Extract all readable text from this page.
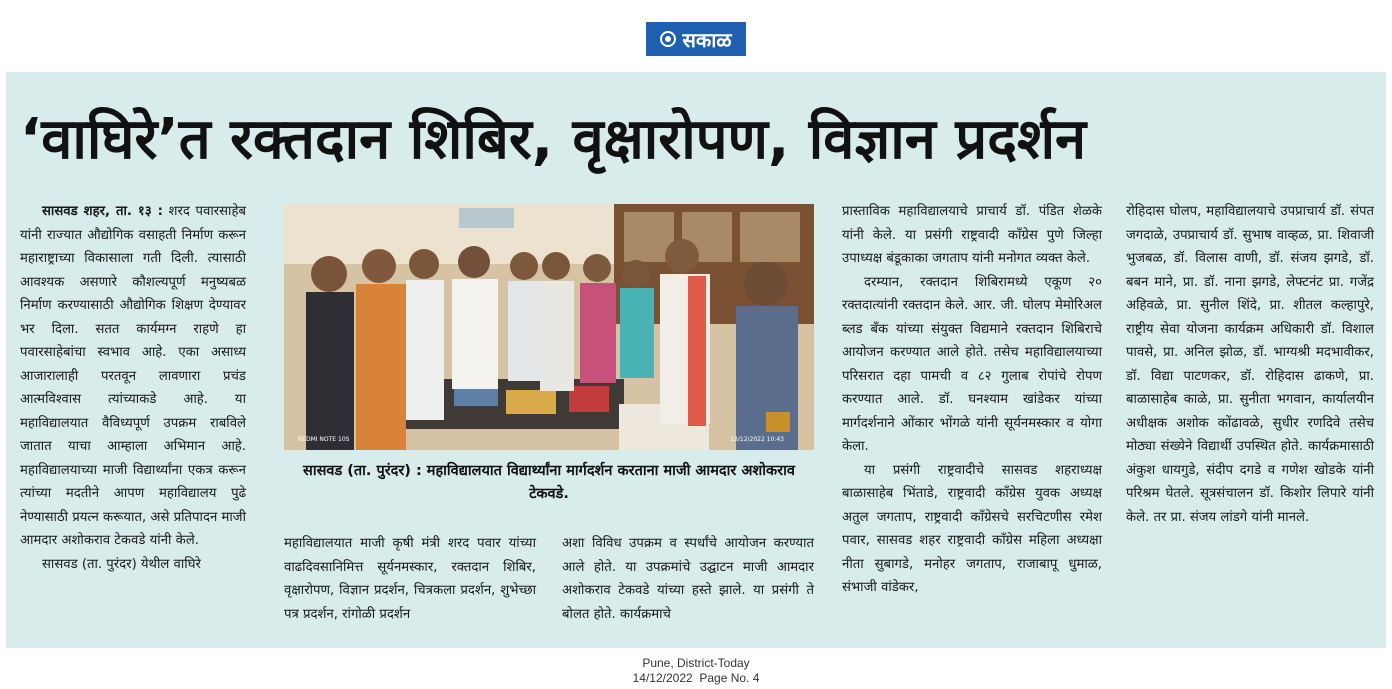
सकाळ
‘वाघिरे’त रक्तदान शिबिर, वृक्षारोपण, विज्ञान प्रदर्शन

सासवड शहर, ता. १३ : शरद पवारसाहेब यांनी राज्यात औद्योगिक वसाहती निर्माण करून महाराष्ट्राच्या विकासाला गती दिली. त्यासाठी आवश्यक असणारे कौशल्यपूर्ण मनुष्यबळ निर्माण करण्यासाठी औद्योगिक शिक्षण देण्यावर भर दिला. सतत कार्यमग्न राहणे हा पवारसाहेबांचा स्वभाव आहे. एका असाध्य आजारालाही परतवून लावणारा प्रचंड आत्मविश्वास त्यांच्याकडे आहे. या महाविद्यालयात वैविध्यपूर्ण उपक्रम राबविले जातात याचा आम्हाला अभिमान आहे. महाविद्यालयाच्या माजी विद्यार्थ्यांना एकत्र करून त्यांच्या मदतीने आपण महाविद्यालय पुढे नेण्यासाठी प्रयत्न करूयात, असे प्रतिपादन माजी आमदार अशोकराव टेकवडे यांनी केले.

सासवड (ता. पुरंदर) येथील वाघिरे

REDMI NOTE 10S	13/12/2022 10:43
सासवड (ता. पुरंदर) : महाविद्यालयात विद्यार्थ्यांना मार्गदर्शन करताना माजी आमदार अशोकराव टेकवडे.

महाविद्यालयात माजी कृषी मंत्री शरद पवार यांच्या वाढदिवसानिमित्त सूर्यनमस्कार, रक्तदान शिबिर, वृक्षारोपण, विज्ञान प्रदर्शन, चित्रकला प्रदर्शन, शुभेच्छा पत्र प्रदर्शन, रांगोळी प्रदर्शन

अशा विविध उपक्रम व स्पर्धांचे आयोजन करण्यात आले होते. या उपक्रमांचे उद्घाटन माजी आमदार अशोकराव टेकवडे यांच्या हस्ते झाले. या प्रसंगी ते बोलत होते. कार्यक्रमाचे

प्रास्ताविक महाविद्यालयाचे प्राचार्य डॉ. पंडित शेळके यांनी केले. या प्रसंगी राष्ट्रवादी काँग्रेस पुणे जिल्हा उपाध्यक्ष बंडूकाका जगताप यांनी मनोगत व्यक्त केले.

दरम्यान, रक्तदान शिबिरामध्ये एकूण २० रक्तदात्यांनी रक्तदान केले. आर. जी. घोलप मेमोरिअल ब्लड बँक यांच्या संयुक्त विद्यमाने रक्तदान शिबिराचे आयोजन करण्यात आले होते. तसेच महाविद्यालयाच्या परिसरात दहा पामची व ८२ गुलाब रोपांचे रोपण करण्यात आले. डॉ. घनश्याम खांडेकर यांच्या मार्गदर्शनाने ओंकार भोंगळे यांनी सूर्यनमस्कार व योगा केला.

या प्रसंगी राष्ट्रवादीचे सासवड शहराध्यक्ष बाळासाहेब भिंताडे, राष्ट्रवादी काँग्रेस युवक अध्यक्ष अतुल जगताप, राष्ट्रवादी काँग्रेसचे सरचिटणीस रमेश पवार, सासवड शहर राष्ट्रवादी काँग्रेस महिला अध्यक्षा नीता सुबागडे, मनोहर जगताप, राजाबापू धुमाळ, संभाजी वांडेकर,

रोहिदास घोलप, महाविद्यालयाचे उपप्राचार्य डॉ. संपत जगदाळे, उपप्राचार्य डॉ. सुभाष वाव्हळ, प्रा. शिवाजी भुजबळ, डॉ. विलास वाणी, डॉ. संजय झगडे, डॉ. बबन माने, प्रा. डॉ. नाना झगडे, लेफ्टनंट प्रा. गजेंद्र अहिवळे, प्रा. सुनील शिंदे, प्रा. शीतल कल्हापुरे, राष्ट्रीय सेवा योजना कार्यक्रम अधिकारी डॉ. विशाल पावसे, प्रा. अनिल झोळ, डॉ. भाग्यश्री मदभावीकर, डॉ. विद्या पाटणकर, डॉ. रोहिदास ढाकणे, प्रा. बाळासाहेब काळे, प्रा. सुनीता भगवान, कार्यालयीन अधीक्षक अशोक कोंढावळे, सुधीर रणदिवे तसेच मोठ्या संख्येने विद्यार्थी उपस्थित होते. कार्यक्रमासाठी अंकुश धायगुडे, संदीप दगडे व गणेश खोडके यांनी परिश्रम घेतले. सूत्रसंचालन डॉ. किशोर लिपारे यांनी केले. तर प्रा. संजय लांडगे यांनी मानले.

Pune, District-Today
14/12/2022  Page No. 4
